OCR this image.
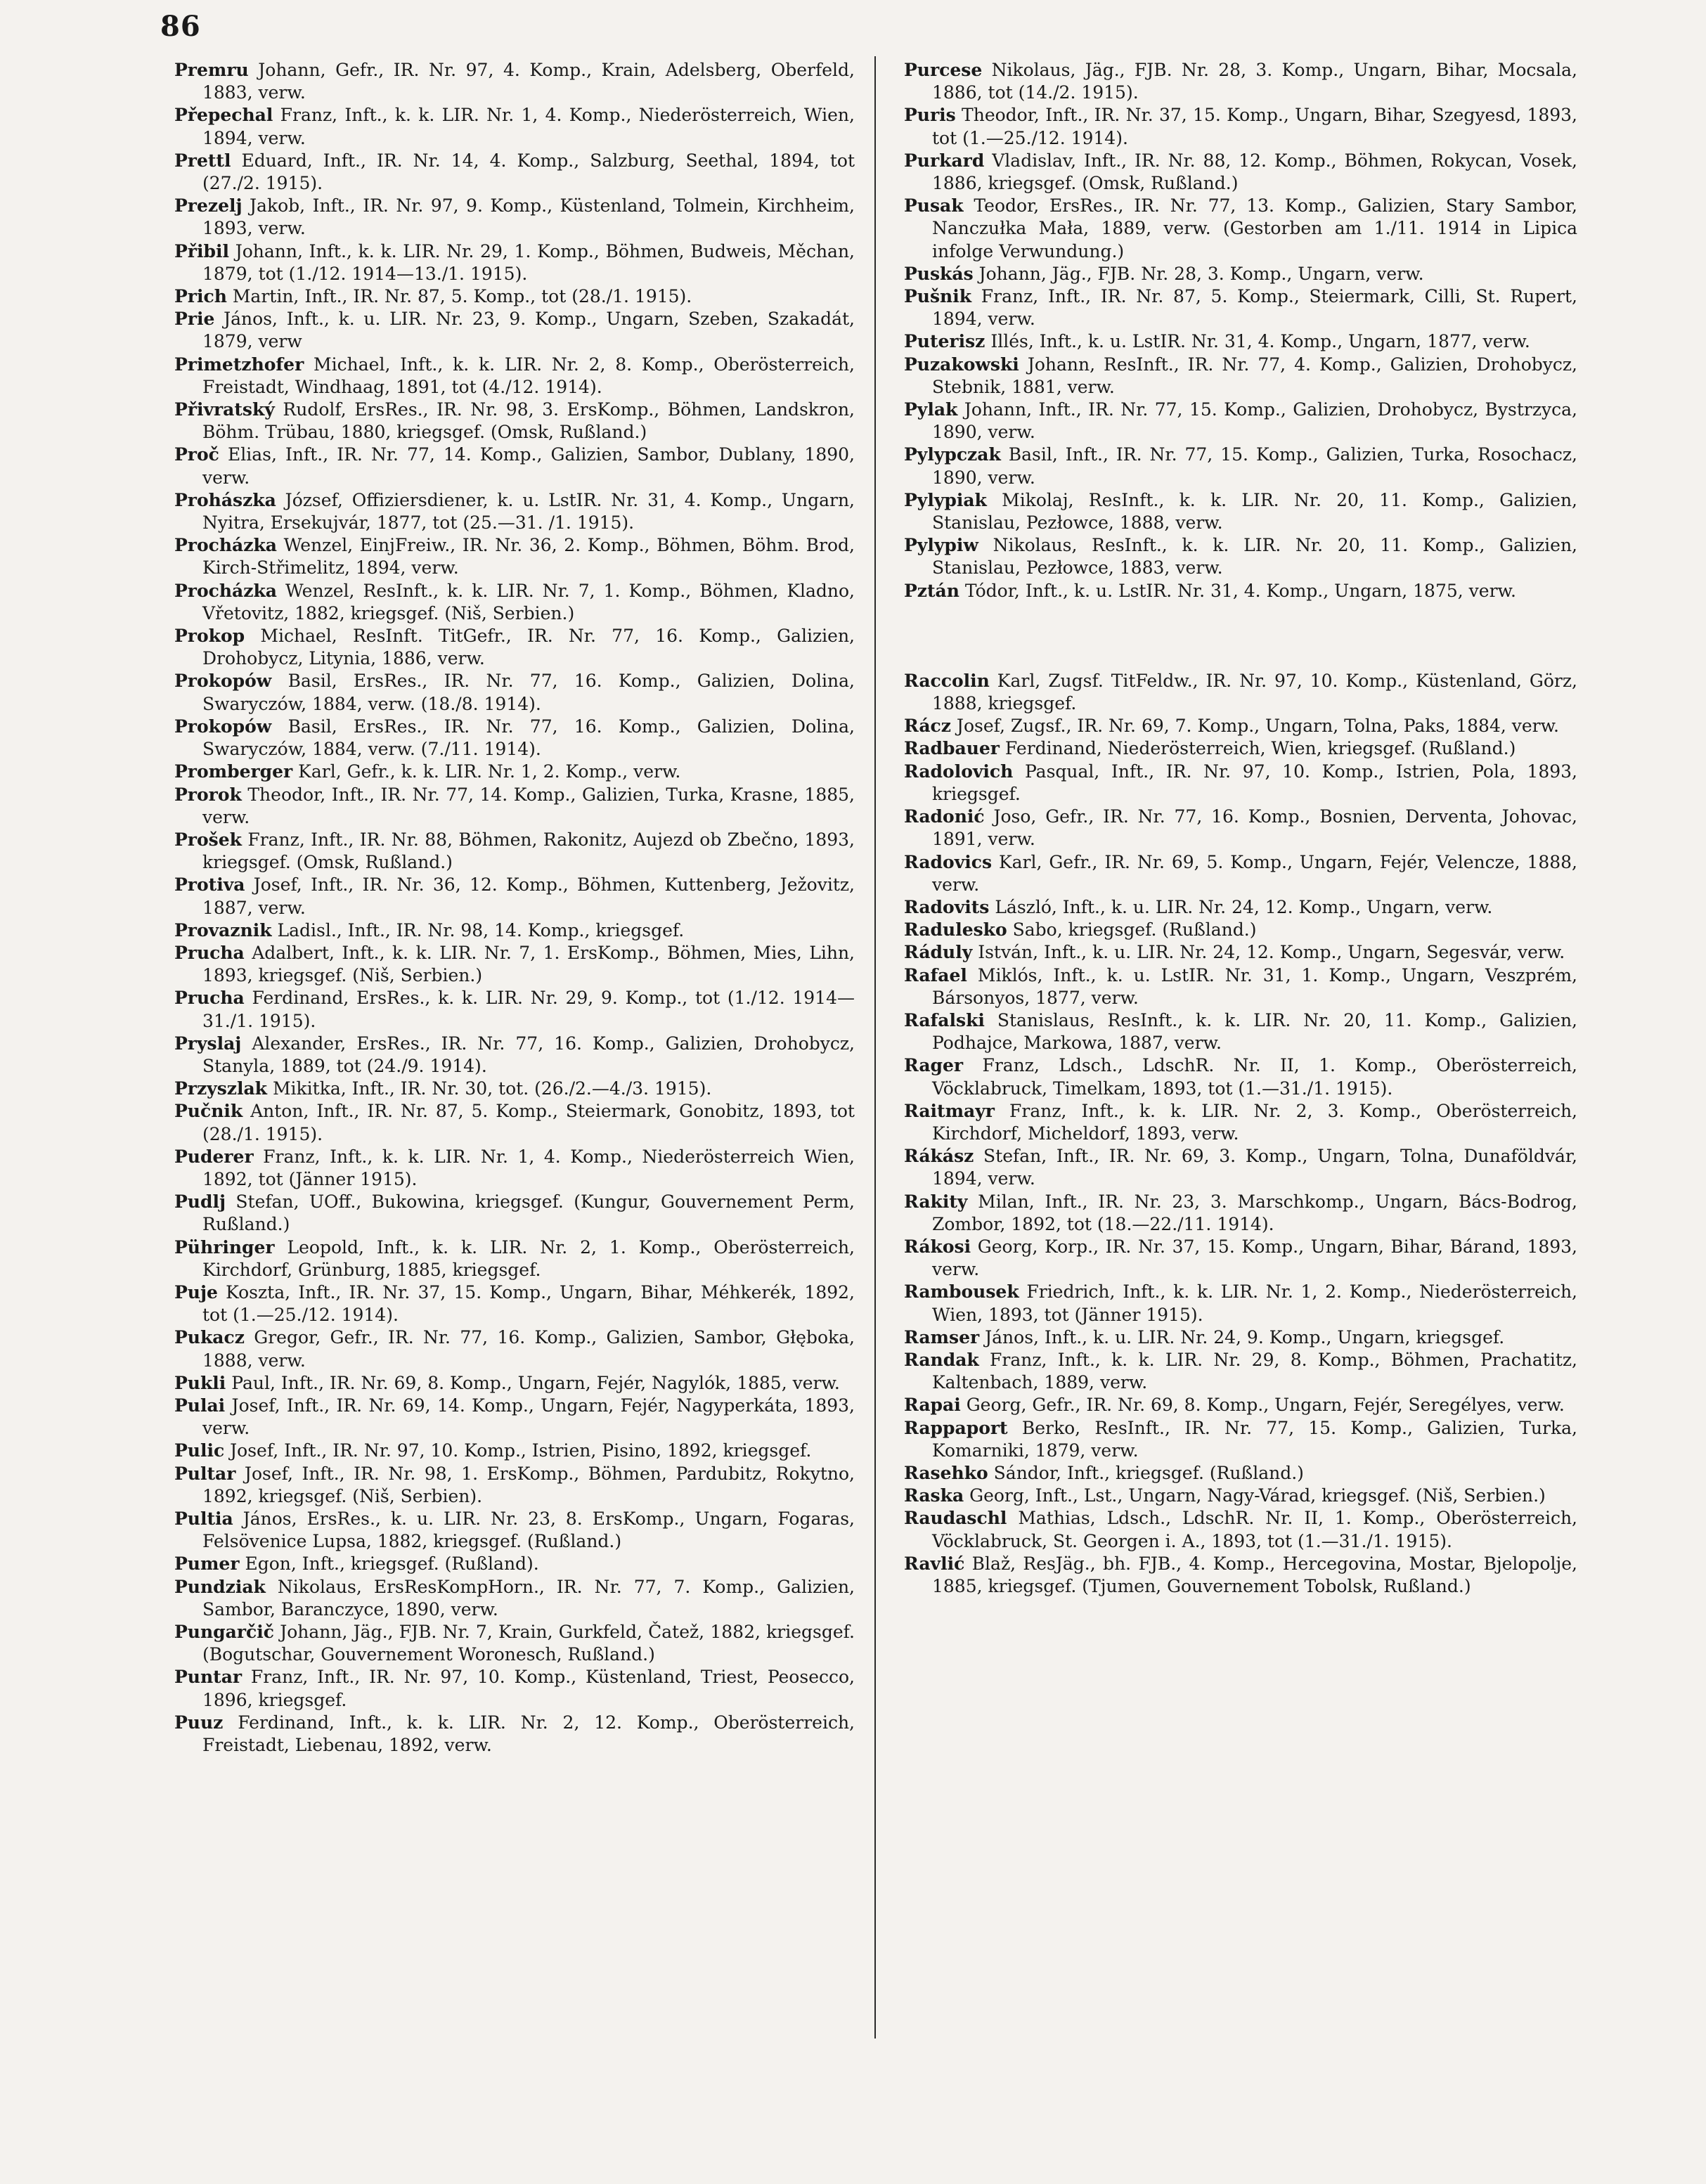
86

Premru Johann, Gefr., IR. Nr. 97, 4. Komp., Krain, Adelsberg, Oberfeld, 1883, verw.

Přepechal Franz, Inft., k. k. LIR. Nr. 1, 4. Komp., Niederösterreich, Wien, 1894, verw.

Prettl Eduard, Inft., IR. Nr. 14, 4. Komp., Salzburg, Seethal, 1894, tot (27./2. 1915).

Prezelj Jakob, Inft., IR. Nr. 97, 9. Komp., Küstenland, Tolmein, Kirchheim, 1893, verw.

Přibil Johann, Inft., k. k. LIR. Nr. 29, 1. Komp., Böhmen, Budweis, Měchan, 1879, tot (1./12. 1914—13./1. 1915).

Prich Martin, Inft., IR. Nr. 87, 5. Komp., tot (28./1. 1915).

Prie János, Inft., k. u. LIR. Nr. 23, 9. Komp., Ungarn, Szeben, Szakadát, 1879, verw

Primetzhofer Michael, Inft., k. k. LIR. Nr. 2, 8. Komp., Oberösterreich, Freistadt, Windhaag, 1891, tot (4./12. 1914).

Přivratský Rudolf, ErsRes., IR. Nr. 98, 3. ErsKomp., Böhmen, Landskron, Böhm. Trübau, 1880, kriegsgef. (Omsk, Rußland.)

Proč Elias, Inft., IR. Nr. 77, 14. Komp., Galizien, Sambor, Dublany, 1890, verw.

Prohászka József, Offiziersdiener, k. u. LstIR. Nr. 31, 4. Komp., Ungarn, Nyitra, Ersekujvár, 1877, tot (25.—31. /1. 1915).

Procházka Wenzel, EinjFreiw., IR. Nr. 36, 2. Komp., Böhmen, Böhm. Brod, Kirch-Střimelitz, 1894, verw.

Procházka Wenzel, ResInft., k. k. LIR. Nr. 7, 1. Komp., Böhmen, Kladno, Vřetovitz, 1882, kriegsgef. (Niš, Serbien.)

Prokop Michael, ResInft. TitGefr., IR. Nr. 77, 16. Komp., Galizien, Drohobycz, Litynia, 1886, verw.

Prokopów Basil, ErsRes., IR. Nr. 77, 16. Komp., Galizien, Dolina, Swaryczów, 1884, verw. (18./8. 1914).

Prokopów Basil, ErsRes., IR. Nr. 77, 16. Komp., Galizien, Dolina, Swaryczów, 1884, verw. (7./11. 1914).

Promberger Karl, Gefr., k. k. LIR. Nr. 1, 2. Komp., verw.

Prorok Theodor, Inft., IR. Nr. 77, 14. Komp., Galizien, Turka, Krasne, 1885, verw.

Prošek Franz, Inft., IR. Nr. 88, Böhmen, Rakonitz, Aujezd ob Zbečno, 1893, kriegsgef. (Omsk, Rußland.)

Protiva Josef, Inft., IR. Nr. 36, 12. Komp., Böhmen, Kuttenberg, Ježovitz, 1887, verw.

Provaznik Ladisl., Inft., IR. Nr. 98, 14. Komp., kriegsgef.

Prucha Adalbert, Inft., k. k. LIR. Nr. 7, 1. ErsKomp., Böhmen, Mies, Lihn, 1893, kriegsgef. (Niš, Serbien.)

Prucha Ferdinand, ErsRes., k. k. LIR. Nr. 29, 9. Komp., tot (1./12. 1914—31./1. 1915).

Pryslaj Alexander, ErsRes., IR. Nr. 77, 16. Komp., Galizien, Drohobycz, Stanyla, 1889, tot (24./9. 1914).

Przyszlak Mikitka, Inft., IR. Nr. 30, tot. (26./2.—4./3. 1915).

Pučnik Anton, Inft., IR. Nr. 87, 5. Komp., Steiermark, Gonobitz, 1893, tot (28./1. 1915).

Puderer Franz, Inft., k. k. LIR. Nr. 1, 4. Komp., Niederösterreich Wien, 1892, tot (Jänner 1915).

Pudlj Stefan, UOff., Bukowina, kriegsgef. (Kungur, Gouvernement Perm, Rußland.)

Pühringer Leopold, Inft., k. k. LIR. Nr. 2, 1. Komp., Oberösterreich, Kirchdorf, Grünburg, 1885, kriegsgef.

Puje Koszta, Inft., IR. Nr. 37, 15. Komp., Ungarn, Bihar, Méhkerék, 1892, tot (1.—25./12. 1914).

Pukacz Gregor, Gefr., IR. Nr. 77, 16. Komp., Galizien, Sambor, Głęboka, 1888, verw.

Pukli Paul, Inft., IR. Nr. 69, 8. Komp., Ungarn, Fejér, Nagylók, 1885, verw.

Pulai Josef, Inft., IR. Nr. 69, 14. Komp., Ungarn, Fejér, Nagyperkáta, 1893, verw.

Pulic Josef, Inft., IR. Nr. 97, 10. Komp., Istrien, Pisino, 1892, kriegsgef.

Pultar Josef, Inft., IR. Nr. 98, 1. ErsKomp., Böhmen, Pardubitz, Rokytno, 1892, kriegsgef. (Niš, Serbien).

Pultia János, ErsRes., k. u. LIR. Nr. 23, 8. ErsKomp., Ungarn, Fogaras, Felsövenice Lupsa, 1882, kriegsgef. (Rußland.)

Pumer Egon, Inft., kriegsgef. (Rußland).

Pundziak Nikolaus, ErsResKompHorn., IR. Nr. 77, 7. Komp., Galizien, Sambor, Baranczyce, 1890, verw.

Pungarčič Johann, Jäg., FJB. Nr. 7, Krain, Gurkfeld, Čatež, 1882, kriegsgef. (Bogutschar, Gouvernement Woronesch, Rußland.)

Puntar Franz, Inft., IR. Nr. 97, 10. Komp., Küstenland, Triest, Peosecco, 1896, kriegsgef.

Puuz Ferdinand, Inft., k. k. LIR. Nr. 2, 12. Komp., Oberösterreich, Freistadt, Liebenau, 1892, verw.

Purcese Nikolaus, Jäg., FJB. Nr. 28, 3. Komp., Ungarn, Bihar, Mocsala, 1886, tot (14./2. 1915).

Puris Theodor, Inft., IR. Nr. 37, 15. Komp., Ungarn, Bihar, Szegyesd, 1893, tot (1.—25./12. 1914).

Purkard Vladislav, Inft., IR. Nr. 88, 12. Komp., Böhmen, Rokycan, Vosek, 1886, kriegsgef. (Omsk, Rußland.)

Pusak Teodor, ErsRes., IR. Nr. 77, 13. Komp., Galizien, Stary Sambor, Nanczułka Mała, 1889, verw. (Gestorben am 1./11. 1914 in Lipica infolge Verwundung.)

Puskás Johann, Jäg., FJB. Nr. 28, 3. Komp., Ungarn, verw.

Pušnik Franz, Inft., IR. Nr. 87, 5. Komp., Steiermark, Cilli, St. Rupert, 1894, verw.

Puterisz Illés, Inft., k. u. LstIR. Nr. 31, 4. Komp., Ungarn, 1877, verw.

Puzakowski Johann, ResInft., IR. Nr. 77, 4. Komp., Galizien, Drohobycz, Stebnik, 1881, verw.

Pylak Johann, Inft., IR. Nr. 77, 15. Komp., Galizien, Drohobycz, Bystrzyca, 1890, verw.

Pylypczak Basil, Inft., IR. Nr. 77, 15. Komp., Galizien, Turka, Rosochacz, 1890, verw.

Pylypiak Mikolaj, ResInft., k. k. LIR. Nr. 20, 11. Komp., Galizien, Stanislau, Pezłowce, 1888, verw.

Pylypiw Nikolaus, ResInft., k. k. LIR. Nr. 20, 11. Komp., Galizien, Stanislau, Pezłowce, 1883, verw.

Pztán Tódor, Inft., k. u. LstIR. Nr. 31, 4. Komp., Ungarn, 1875, verw.

Raccolin Karl, Zugsf. TitFeldw., IR. Nr. 97, 10. Komp., Küstenland, Görz, 1888, kriegsgef.

Rácz Josef, Zugsf., IR. Nr. 69, 7. Komp., Ungarn, Tolna, Paks, 1884, verw.

Radbauer Ferdinand, Niederösterreich, Wien, kriegsgef. (Rußland.)

Radolovich Pasqual, Inft., IR. Nr. 97, 10. Komp., Istrien, Pola, 1893, kriegsgef.

Radonić Joso, Gefr., IR. Nr. 77, 16. Komp., Bosnien, Derventa, Johovac, 1891, verw.

Radovics Karl, Gefr., IR. Nr. 69, 5. Komp., Ungarn, Fejér, Velencze, 1888, verw.

Radovits László, Inft., k. u. LIR. Nr. 24, 12. Komp., Ungarn, verw.

Radulesko Sabo, kriegsgef. (Rußland.)

Ráduly István, Inft., k. u. LIR. Nr. 24, 12. Komp., Ungarn, Segesvár, verw.

Rafael Miklós, Inft., k. u. LstIR. Nr. 31, 1. Komp., Ungarn, Veszprém, Bársonyos, 1877, verw.

Rafalski Stanislaus, ResInft., k. k. LIR. Nr. 20, 11. Komp., Galizien, Podhajce, Markowa, 1887, verw.

Rager Franz, Ldsch., LdschR. Nr. II, 1. Komp., Oberösterreich, Vöcklabruck, Timelkam, 1893, tot (1.—31./1. 1915).

Raitmayr Franz, Inft., k. k. LIR. Nr. 2, 3. Komp., Oberösterreich, Kirchdorf, Micheldorf, 1893, verw.

Rákász Stefan, Inft., IR. Nr. 69, 3. Komp., Ungarn, Tolna, Dunaföldvár, 1894, verw.

Rakity Milan, Inft., IR. Nr. 23, 3. Marschkomp., Ungarn, Bács-Bodrog, Zombor, 1892, tot (18.—22./11. 1914).

Rákosi Georg, Korp., IR. Nr. 37, 15. Komp., Ungarn, Bihar, Bárand, 1893, verw.

Rambousek Friedrich, Inft., k. k. LIR. Nr. 1, 2. Komp., Niederösterreich, Wien, 1893, tot (Jänner 1915).

Ramser János, Inft., k. u. LIR. Nr. 24, 9. Komp., Ungarn, kriegsgef.

Randak Franz, Inft., k. k. LIR. Nr. 29, 8. Komp., Böhmen, Prachatitz, Kaltenbach, 1889, verw.

Rapai Georg, Gefr., IR. Nr. 69, 8. Komp., Ungarn, Fejér, Seregélyes, verw.

Rappaport Berko, ResInft., IR. Nr. 77, 15. Komp., Galizien, Turka, Komarniki, 1879, verw.

Rasehko Sándor, Inft., kriegsgef. (Rußland.)

Raska Georg, Inft., Lst., Ungarn, Nagy-Várad, kriegsgef. (Niš, Serbien.)

Raudaschl Mathias, Ldsch., LdschR. Nr. II, 1. Komp., Oberösterreich, Vöcklabruck, St. Georgen i. A., 1893, tot (1.—31./1. 1915).

Ravlić Blaž, ResJäg., bh. FJB., 4. Komp., Hercegovina, Mostar, Bjelopolje, 1885, kriegsgef. (Tjumen, Gouvernement Tobolsk, Rußland.)
